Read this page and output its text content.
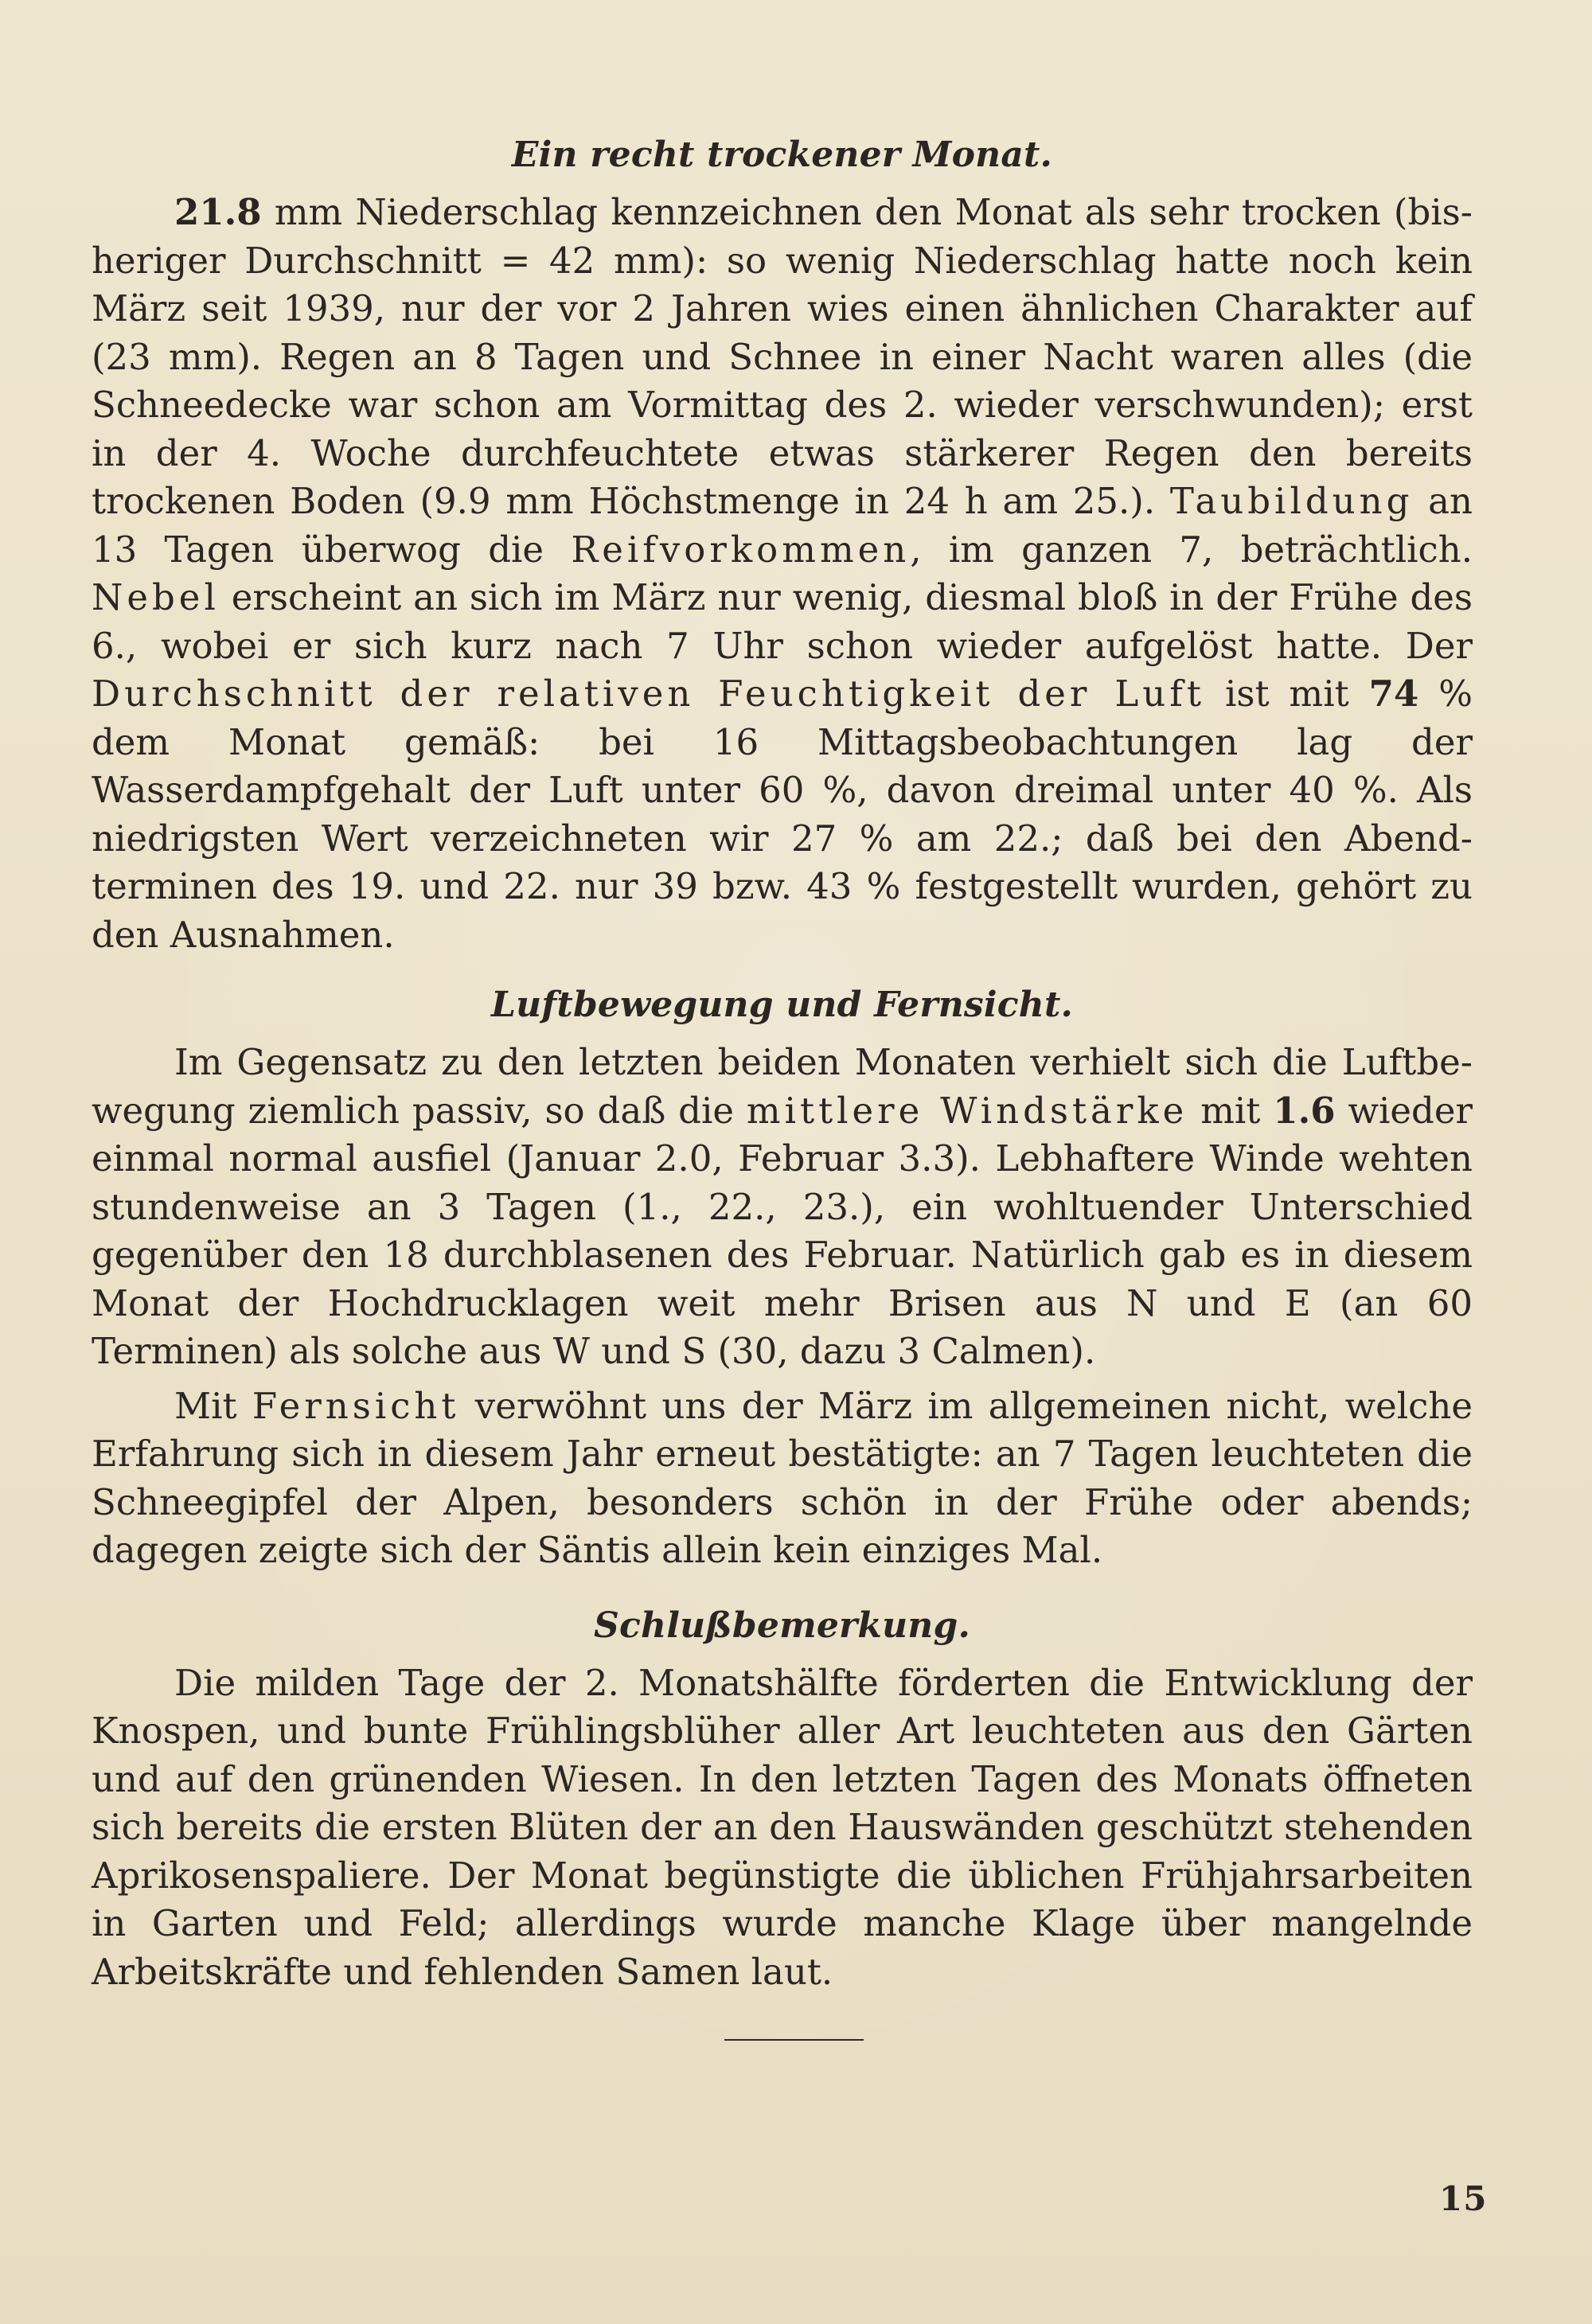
Ein recht trockener Monat.

21.8 mm Niederschlag kennzeichnen den Monat als sehr trocken (bisheriger Durchschnitt = 42 mm): so wenig Niederschlag hatte noch kein März seit 1939, nur der vor 2 Jahren wies einen ähnlichen Charakter auf (23 mm). Regen an 8 Tagen und Schnee in einer Nacht waren alles (die Schneedecke war schon am Vormittag des 2. wieder verschwunden); erst in der 4. Woche durchfeuchtete etwas stärkerer Regen den bereits trockenen Boden (9.9 mm Höchstmenge in 24 h am 25.). Taubildung an 13 Tagen überwog die Reifvorkommen, im ganzen 7, beträchtlich. Nebel erscheint an sich im März nur wenig, diesmal bloß in der Frühe des 6., wobei er sich kurz nach 7 Uhr schon wieder aufgelöst hatte. Der Durchschnitt der relativen Feuchtigkeit der Luft ist mit 74 % dem Monat gemäß: bei 16 Mittagsbeobachtungen lag der Wasserdampfgehalt der Luft unter 60 %, davon dreimal unter 40 %. Als niedrigsten Wert verzeichneten wir 27 % am 22.; daß bei den Abendterminen des 19. und 22. nur 39 bzw. 43 % festgestellt wurden, gehört zu den Ausnahmen.

Luftbewegung und Fernsicht.

Im Gegensatz zu den letzten beiden Monaten verhielt sich die Luftbewegung ziemlich passiv, so daß die mittlere Windstärke mit 1.6 wieder einmal normal ausfiel (Januar 2.0, Februar 3.3). Lebhaftere Winde wehten stundenweise an 3 Tagen (1., 22., 23.), ein wohltuender Unterschied gegenüber den 18 durchblasenen des Februar. Natürlich gab es in diesem Monat der Hochdrucklagen weit mehr Brisen aus N und E (an 60 Terminen) als solche aus W und S (30, dazu 3 Calmen).

Mit Fernsicht verwöhnt uns der März im allgemeinen nicht, welche Erfahrung sich in diesem Jahr erneut bestätigte: an 7 Tagen leuchteten die Schneegipfel der Alpen, besonders schön in der Frühe oder abends; dagegen zeigte sich der Säntis allein kein einziges Mal.

Schlußbemerkung.

Die milden Tage der 2. Monatshälfte förderten die Entwicklung der Knospen, und bunte Frühlingsblüher aller Art leuchteten aus den Gärten und auf den grünenden Wiesen. In den letzten Tagen des Monats öffneten sich bereits die ersten Blüten der an den Hauswänden geschützt stehenden Aprikosenspaliere. Der Monat begünstigte die üblichen Frühjahrsarbeiten in Garten und Feld; allerdings wurde manche Klage über mangelnde Arbeitskräfte und fehlenden Samen laut.

15
